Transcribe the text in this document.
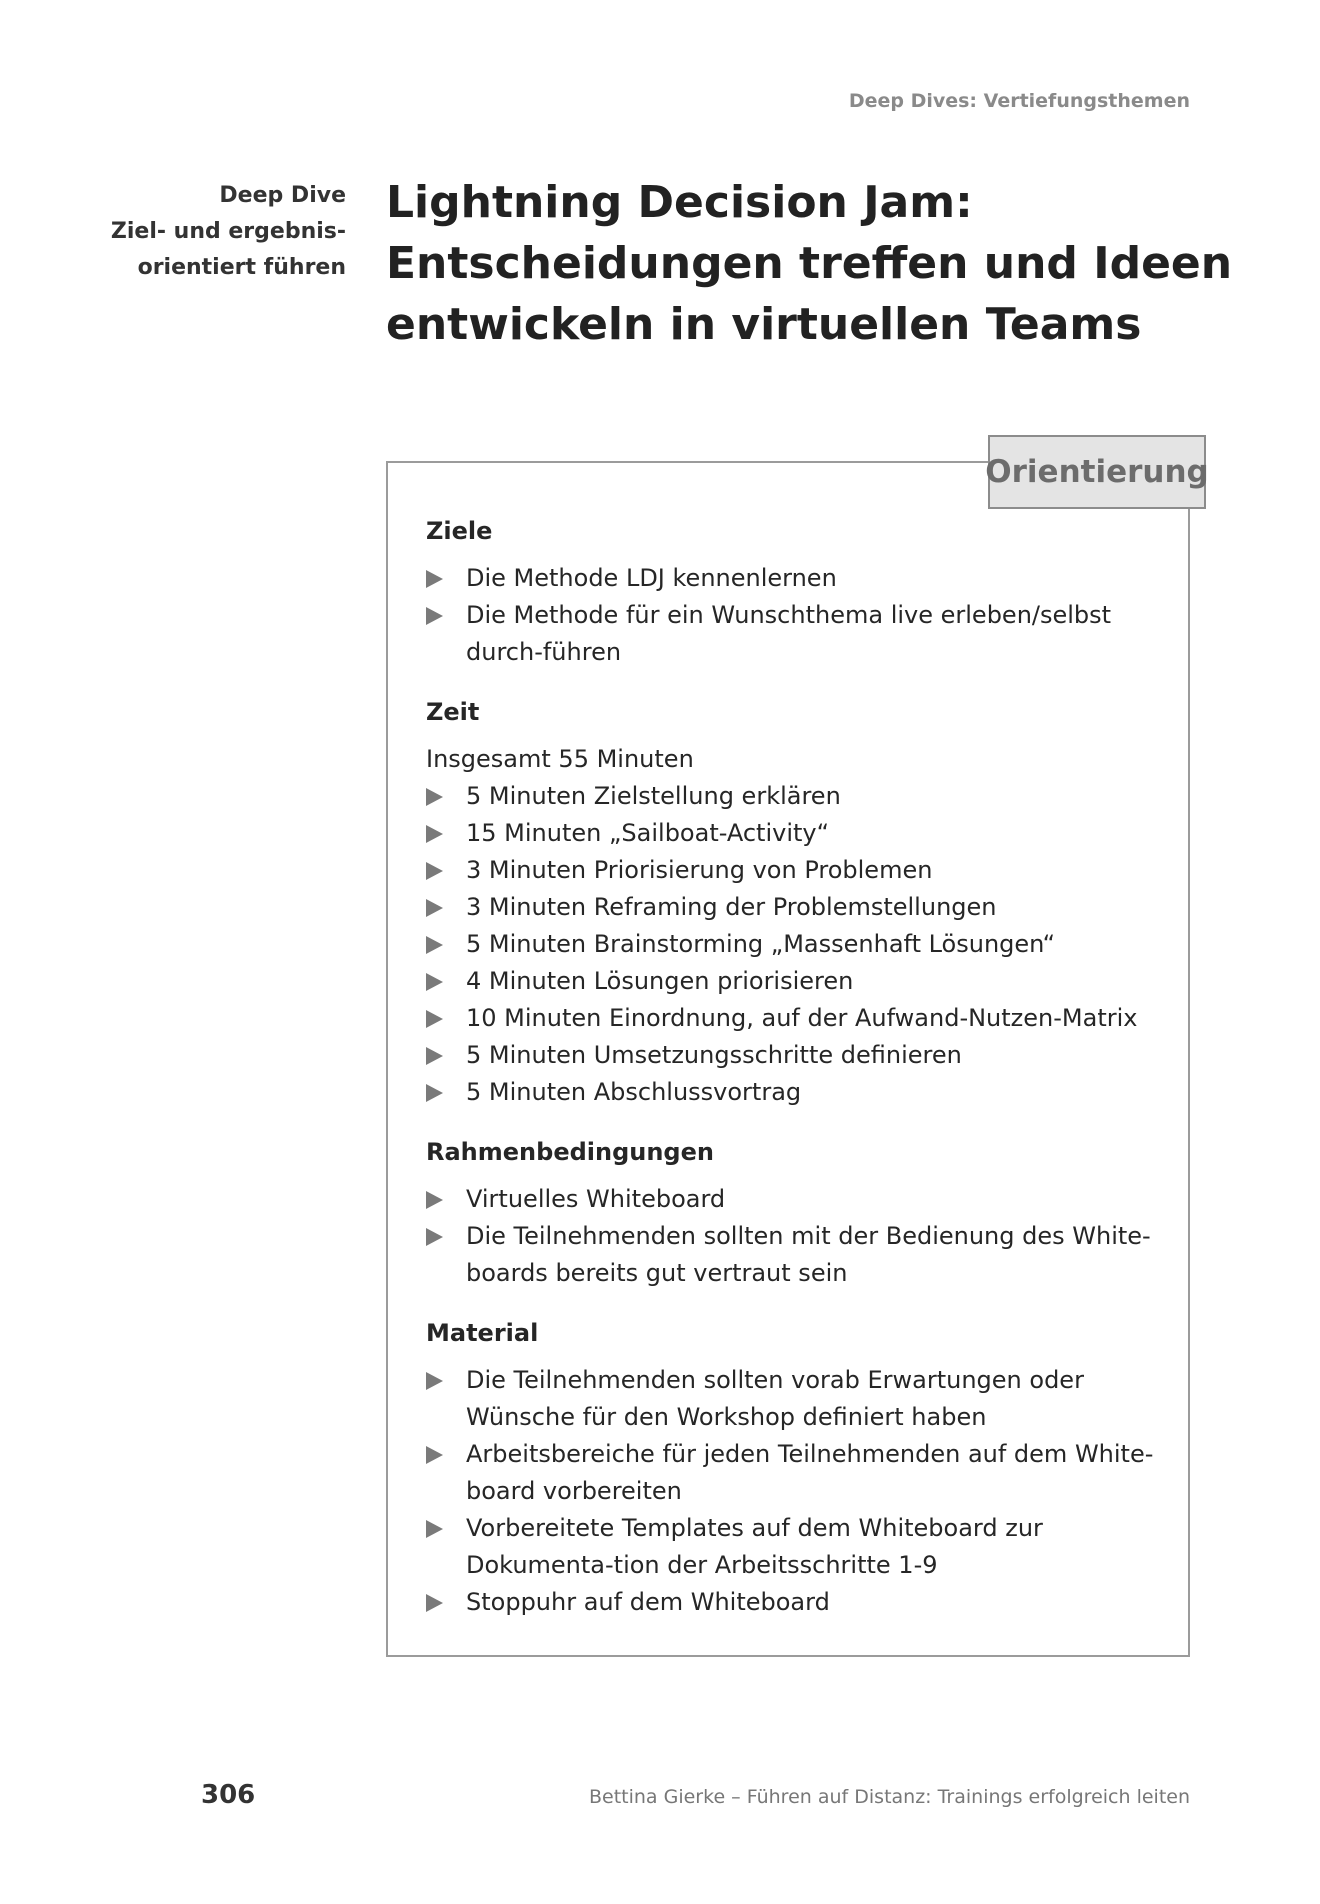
Deep Dives: Vertiefungsthemen
Deep Dive
Ziel- und ergebnis-
orientiert führen
Lightning Decision Jam:
Entscheidungen treffen und Ideen
entwickeln in virtuellen Teams
Orientierung
Ziele
Die Methode LDJ kennenlernen
Die Methode für ein Wunschthema live erleben/selbst durch-führen
Zeit
Insgesamt 55 Minuten
5 Minuten Zielstellung erklären
15 Minuten „Sailboat-Activity“
3 Minuten Priorisierung von Problemen
3 Minuten Reframing der Problemstellungen
5 Minuten Brainstorming „Massenhaft Lösungen“
4 Minuten Lösungen priorisieren
10 Minuten Einordnung, auf der Aufwand-Nutzen-Matrix
5 Minuten Umsetzungsschritte definieren
5 Minuten Abschlussvortrag
Rahmenbedingungen
Virtuelles Whiteboard
Die Teilnehmenden sollten mit der Bedienung des White-boards bereits gut vertraut sein
Material
Die Teilnehmenden sollten vorab Erwartungen oder Wünsche für den Workshop definiert haben
Arbeitsbereiche für jeden Teilnehmenden auf dem White-board vorbereiten
Vorbereitete Templates auf dem Whiteboard zur Dokumenta-tion der Arbeitsschritte 1-9
Stoppuhr auf dem Whiteboard
306	Bettina Gierke – Führen auf Distanz: Trainings erfolgreich leiten
